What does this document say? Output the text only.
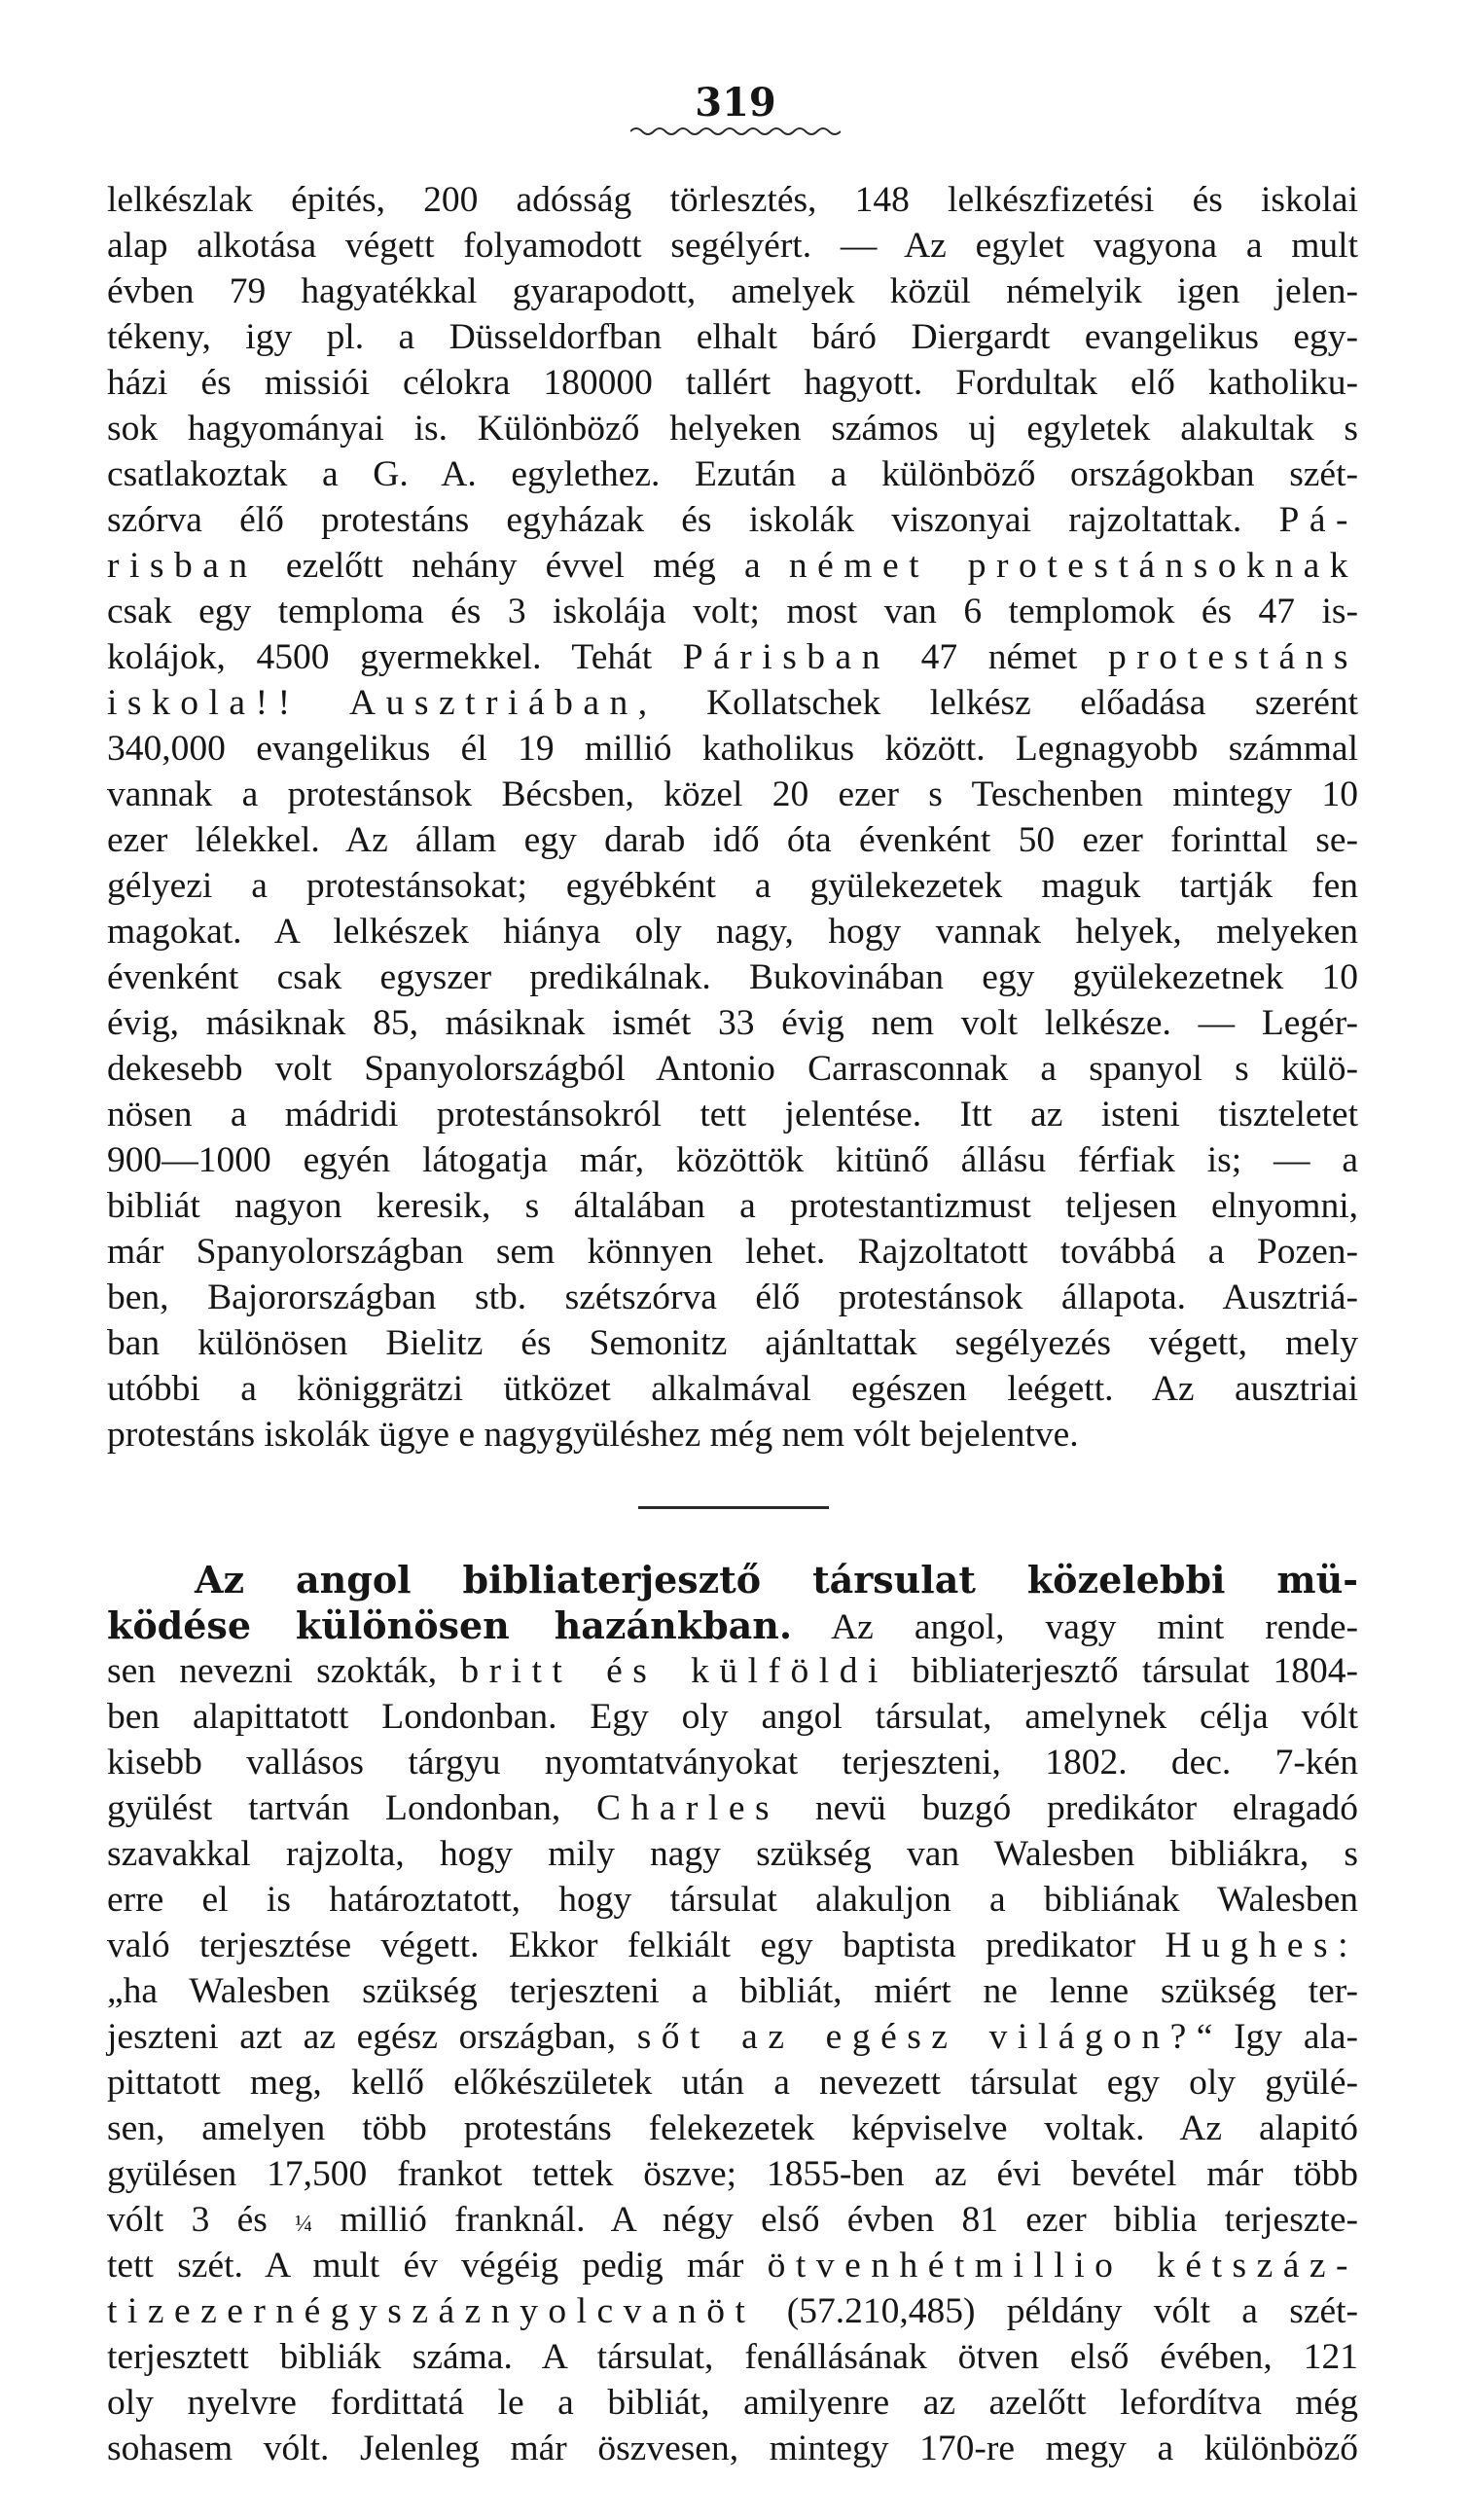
319
lelkészlak épités, 200 adósság törlesztés, 148 lelkészfizetési és iskolai
alap alkotása végett folyamodott segélyért. — Az egylet vagyona a mult
évben 79 hagyatékkal gyarapodott, amelyek közül némelyik igen jelen-
tékeny, igy pl. a Düsseldorfban elhalt báró Diergardt evangelikus egy-
házi és missiói célokra 180000 tallért hagyott. Fordultak elő katholiku-
sok hagyományai is. Különböző helyeken számos uj egyletek alakultak s
csatlakoztak a G. A. egylethez. Ezután a különböző országokban szét-
szórva élő protestáns egyházak és iskolák viszonyai rajzoltattak. Pá-
risban ezelőtt nehány évvel még a német protestánsoknak
csak egy temploma és 3 iskolája volt; most van 6 templomok és 47 is-
kolájok, 4500 gyermekkel. Tehát Párisban 47 német protestáns
iskola!! Ausztriában, Kollatschek lelkész előadása szerént
340,000 evangelikus él 19 millió katholikus között. Legnagyobb számmal
vannak a protestánsok Bécsben, közel 20 ezer s Teschenben mintegy 10
ezer lélekkel. Az állam egy darab idő óta évenként 50 ezer forinttal se-
gélyezi a protestánsokat; egyébként a gyülekezetek maguk tartják fen
magokat. A lelkészek hiánya oly nagy, hogy vannak helyek, melyeken
évenként csak egyszer predikálnak. Bukovinában egy gyülekezetnek 10
évig, másiknak 85, másiknak ismét 33 évig nem volt lelkésze. — Legér-
dekesebb volt Spanyolországból Antonio Carrasconnak a spanyol s külö-
nösen a mádridi protestánsokról tett jelentése. Itt az isteni tiszteletet
900—1000 egyén látogatja már, közöttök kitünő állásu férfiak is; — a
bibliát nagyon keresik, s általában a protestantizmust teljesen elnyomni,
már Spanyolországban sem könnyen lehet. Rajzoltatott továbbá a Pozen-
ben, Bajorországban stb. szétszórva élő protestánsok állapota. Ausztriá-
ban különösen Bielitz és Semonitz ajánltattak segélyezés végett, mely
utóbbi a königgrätzi ütközet alkalmával egészen leégett. Az ausztriai
protestáns iskolák ügye e nagygyüléshez még nem vólt bejelentve.
Az angol bibliaterjesztő társulat közelebbi mü-
ködése különösen hazánkban. Az angol, vagy mint rende-
sen nevezni szokták, britt és külföldi bibliaterjesztő társulat 1804-
ben alapittatott Londonban. Egy oly angol társulat, amelynek célja vólt
kisebb vallásos tárgyu nyomtatványokat terjeszteni, 1802. dec. 7-kén
gyülést tartván Londonban, Charles nevü buzgó predikátor elragadó
szavakkal rajzolta, hogy mily nagy szükség van Walesben bibliákra, s
erre el is határoztatott, hogy társulat alakuljon a bibliának Walesben
való terjesztése végett. Ekkor felkiált egy baptista predikator Hughes:
„ha Walesben szükség terjeszteni a bibliát, miért ne lenne szükség ter-
jeszteni azt az egész országban, sőt az egész világon?“ Igy ala-
pittatott meg, kellő előkészületek után a nevezett társulat egy oly gyülé-
sen, amelyen több protestáns felekezetek képviselve voltak. Az alapitó
gyülésen 17,500 frankot tettek öszve; 1855-ben az évi bevétel már több
vólt 3 és ¼ millió franknál. A négy első évben 81 ezer biblia terjeszte-
tett szét. A mult év végéig pedig már ötvenhétmillio kétszáz-
tizezernégyszáznyolcvanöt (57.210,485) példány vólt a szét-
terjesztett bibliák száma. A társulat, fenállásának ötven első évében, 121
oly nyelvre fordittatá le a bibliát, amilyenre az azelőtt lefordítva még
sohasem vólt. Jelenleg már öszvesen, mintegy 170-re megy a különböző
